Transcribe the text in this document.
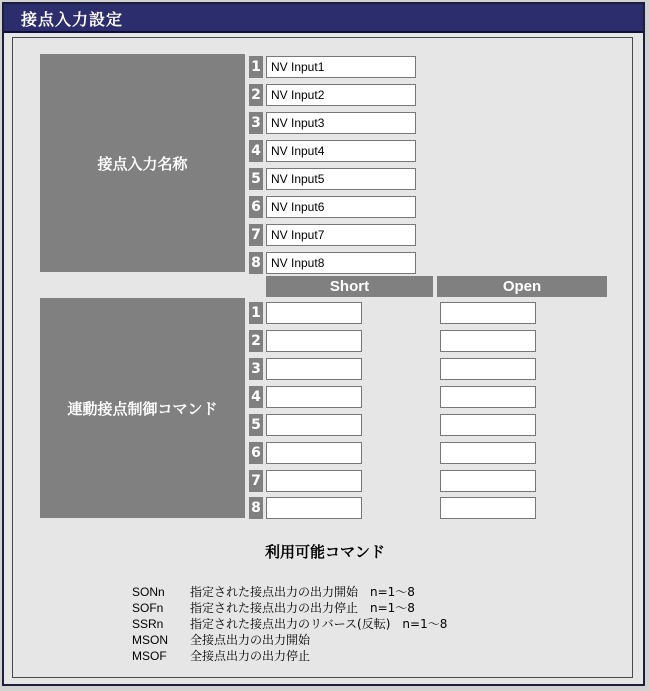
接点入力設定
接点入力名称
1
NV Input1
2
NV Input2
3
NV Input3
4
NV Input4
5
NV Input5
6
NV Input6
7
NV Input7
8
NV Input8
Short	Open
連動接点制御コマンド
1
2
3
4
5
6
7
8
利用可能コマンド
SONn 指定された接点出力の出力開始　n=1～8
SOFn 指定された接点出力の出力停止　n=1～8
SSRn 指定された接点出力のリバース(反転)　n=1～8
MSON 全接点出力の出力開始
MSOF 全接点出力の出力停止
